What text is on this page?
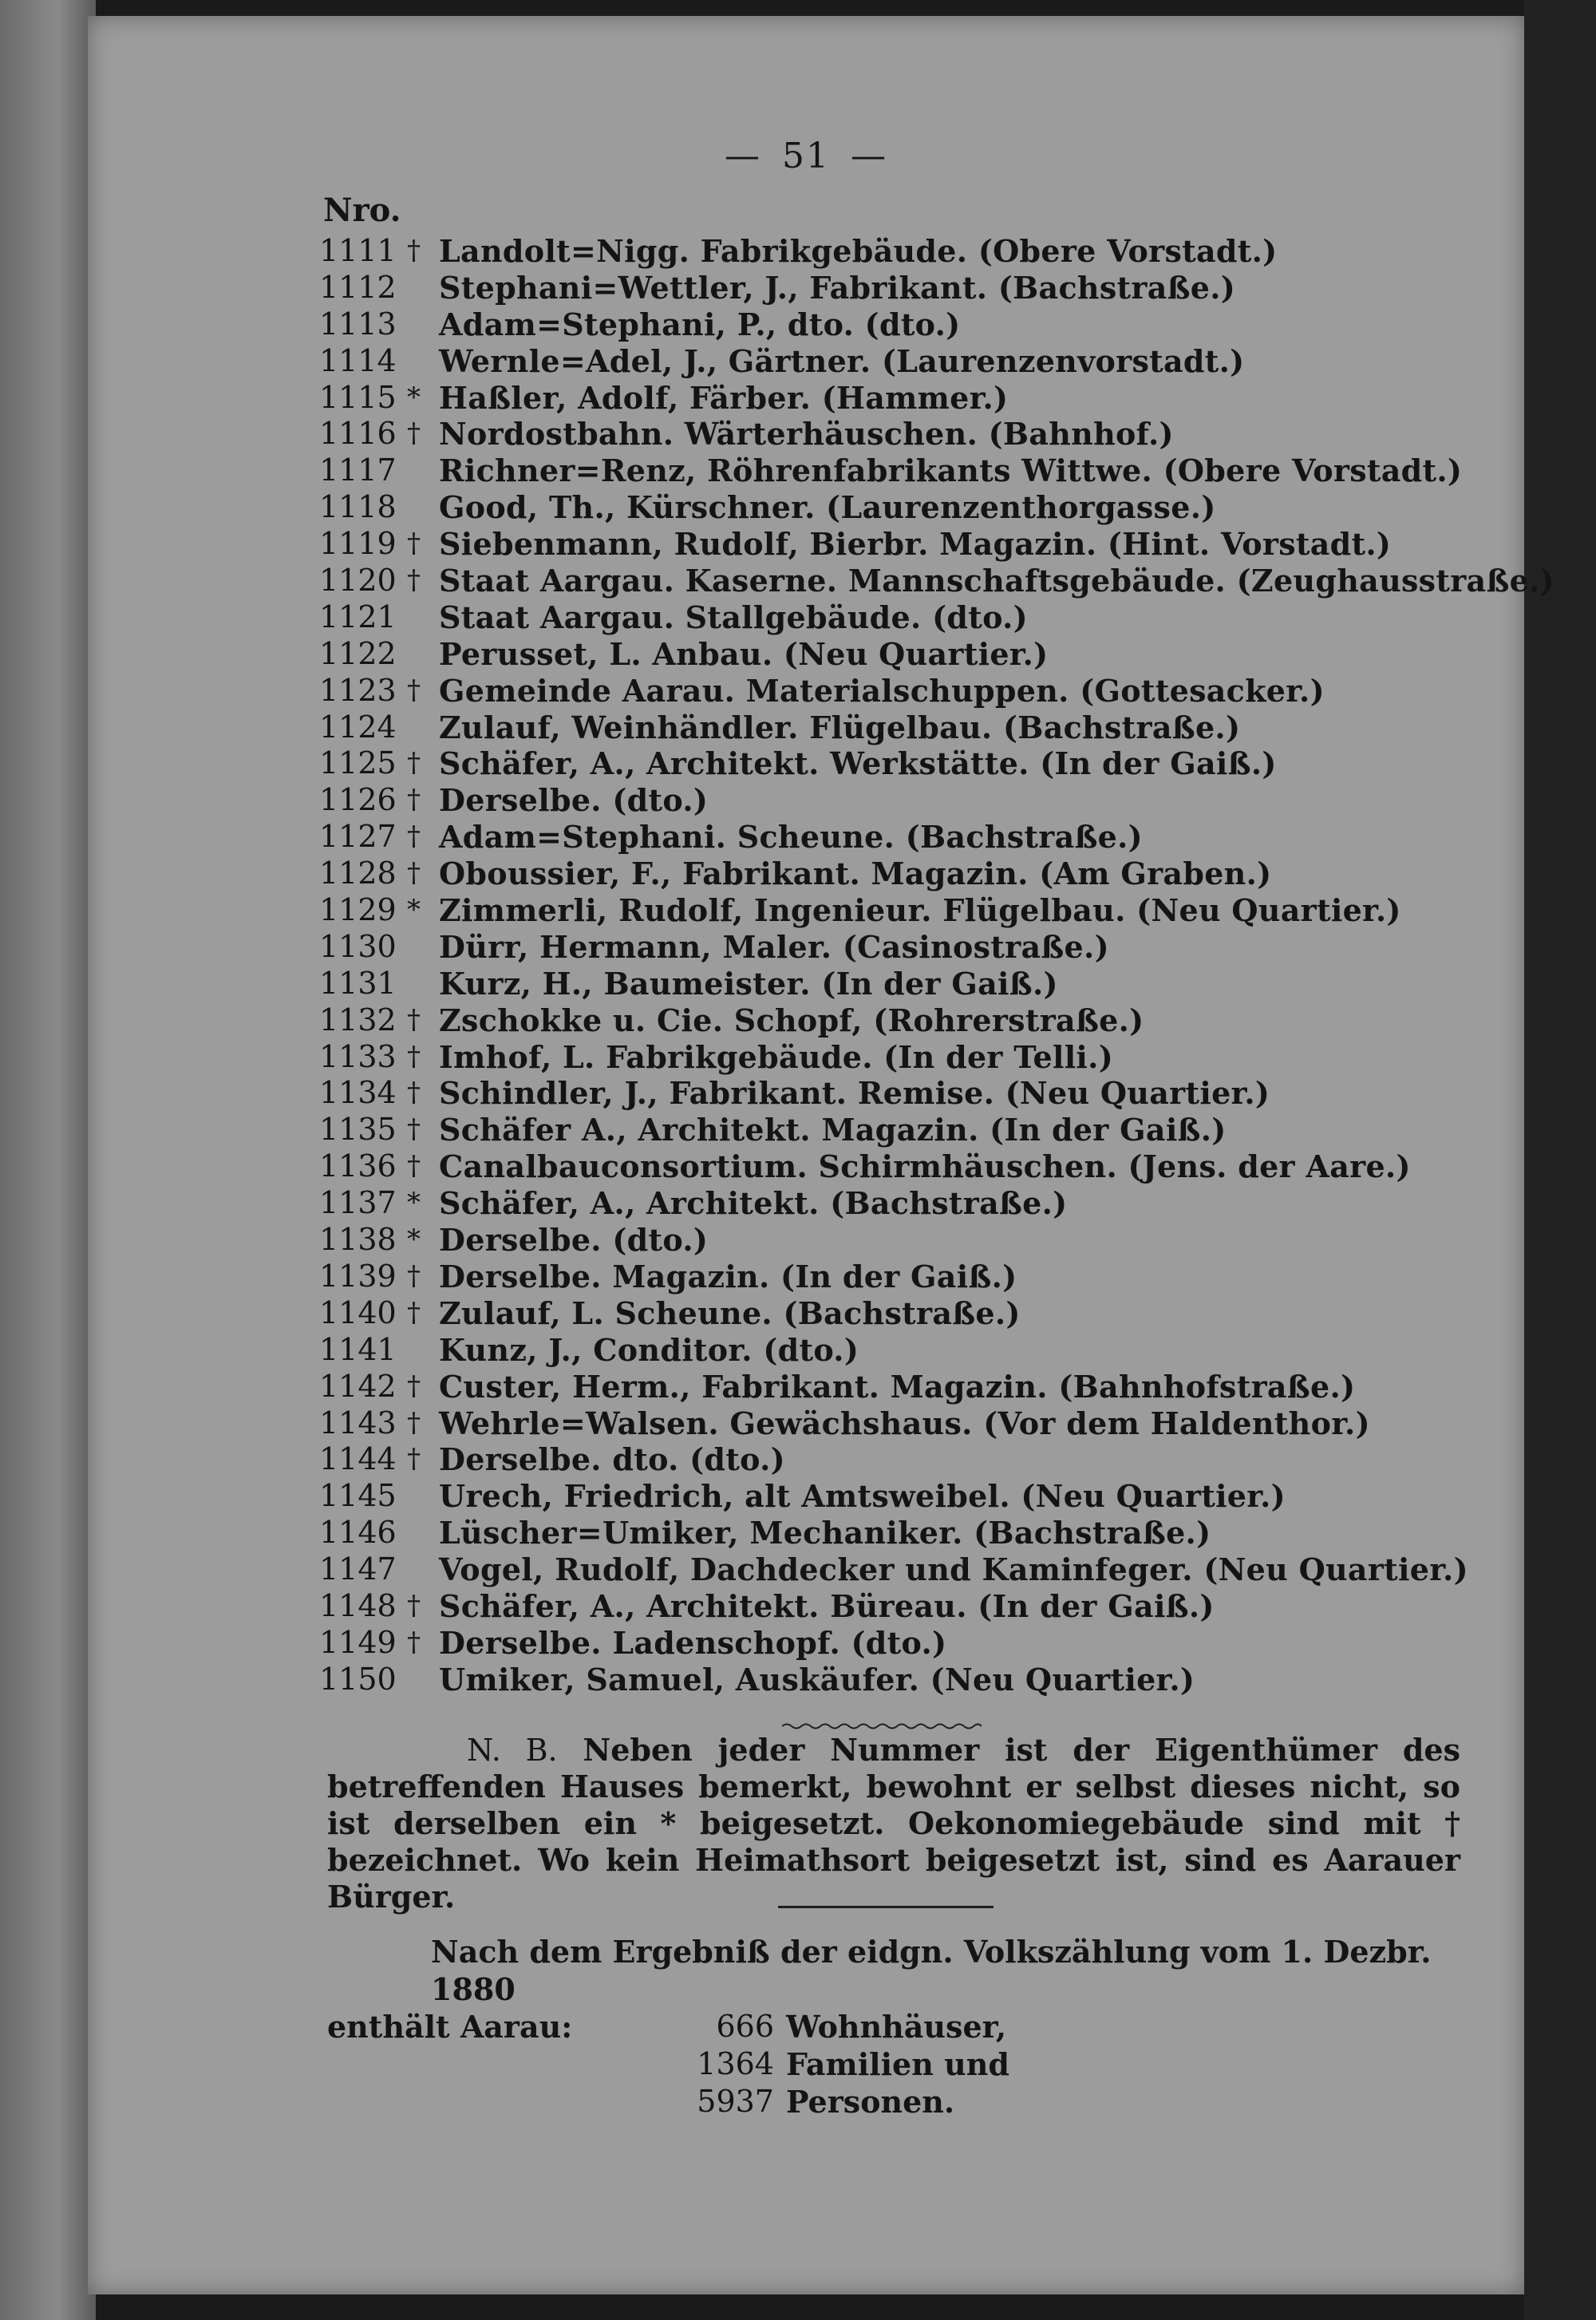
— 51 —
Nro.
1111 † Landolt=Nigg. Fabrikgebäude. (Obere Vorstadt.)
1112 Stephani=Wettler, J., Fabrikant. (Bachstraße.)
1113 Adam=Stephani, P., dto. (dto.)
1114 Wernle=Adel, J., Gärtner. (Laurenzenvorstadt.)
1115 * Haßler, Adolf, Färber. (Hammer.)
1116 † Nordostbahn. Wärterhäuschen. (Bahnhof.)
1117 Richner=Renz, Röhrenfabrikants Wittwe. (Obere Vorstadt.)
1118 Good, Th., Kürschner. (Laurenzenthorgasse.)
1119 † Siebenmann, Rudolf, Bierbr. Magazin. (Hint. Vorstadt.)
1120 † Staat Aargau. Kaserne. Mannschaftsgebäude. (Zeughausstraße.)
1121 Staat Aargau. Stallgebäude. (dto.)
1122 Perusset, L. Anbau. (Neu Quartier.)
1123 † Gemeinde Aarau. Materialschuppen. (Gottesacker.)
1124 Zulauf, Weinhändler. Flügelbau. (Bachstraße.)
1125 † Schäfer, A., Architekt. Werkstätte. (In der Gaiß.)
1126 † Derselbe. (dto.)
1127 † Adam=Stephani. Scheune. (Bachstraße.)
1128 † Oboussier, F., Fabrikant. Magazin. (Am Graben.)
1129 * Zimmerli, Rudolf, Ingenieur. Flügelbau. (Neu Quartier.)
1130 Dürr, Hermann, Maler. (Casinostraße.)
1131 Kurz, H., Baumeister. (In der Gaiß.)
1132 † Zschokke u. Cie. Schopf, (Rohrerstraße.)
1133 † Imhof, L. Fabrikgebäude. (In der Telli.)
1134 † Schindler, J., Fabrikant. Remise. (Neu Quartier.)
1135 † Schäfer A., Architekt. Magazin. (In der Gaiß.)
1136 † Canalbauconsortium. Schirmhäuschen. (Jens. der Aare.)
1137 * Schäfer, A., Architekt. (Bachstraße.)
1138 * Derselbe. (dto.)
1139 † Derselbe. Magazin. (In der Gaiß.)
1140 † Zulauf, L. Scheune. (Bachstraße.)
1141 Kunz, J., Conditor. (dto.)
1142 † Custer, Herm., Fabrikant. Magazin. (Bahnhofstraße.)
1143 † Wehrle=Walsen. Gewächshaus. (Vor dem Haldenthor.)
1144 † Derselbe. dto. (dto.)
1145 Urech, Friedrich, alt Amtsweibel. (Neu Quartier.)
1146 Lüscher=Umiker, Mechaniker. (Bachstraße.)
1147 Vogel, Rudolf, Dachdecker und Kaminfeger. (Neu Quartier.)
1148 † Schäfer, A., Architekt. Büreau. (In der Gaiß.)
1149 † Derselbe. Ladenschopf. (dto.)
1150 Umiker, Samuel, Auskäufer. (Neu Quartier.)
N. B. Neben jeder Nummer ist der Eigenthümer des betreffenden Hauses bemerkt, bewohnt er selbst dieses nicht, so ist derselben ein * beigesetzt. Oekonomiegebäude sind mit † bezeichnet. Wo kein Heimathsort beigesetzt ist, sind es Aarauer Bürger.
Nach dem Ergebniß der eidgn. Volkszählung vom 1. Dezbr. 1880
enthält Aarau:	666 Wohnhäuser,
1364 Familien und
5937 Personen.
